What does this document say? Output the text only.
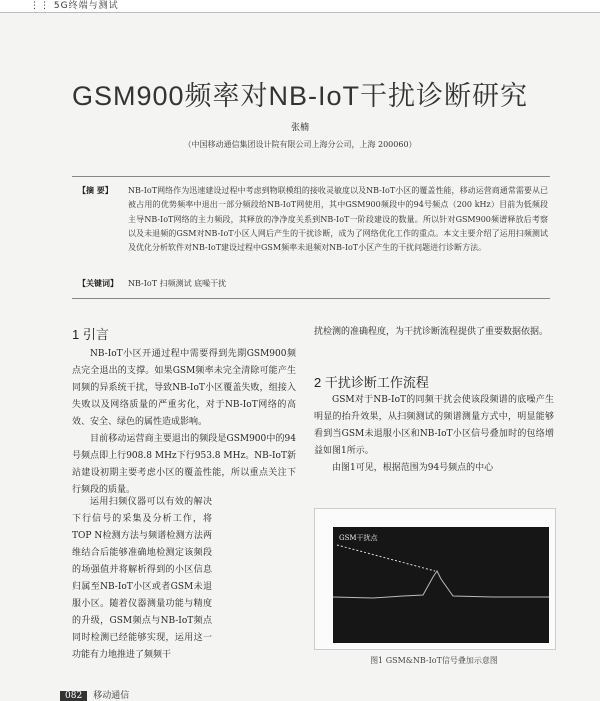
⋮⋮ 5G终端与测试
GSM900频率对NB-IoT干扰诊断研究
张楠
（中国移动通信集团设计院有限公司上海分公司，上海 200060）
【摘 要】 NB-IoT网络作为迅速建设过程中考虑到物联模组的接收灵敏度以及NB-IoT小区的覆盖性能，移动运营商通常需要从已被占用的优势频率中退出一部分频段给NB-IoT网使用，其中GSM900频段中的94号频点（200 kHz）目前为低频段主导NB-IoT网络的主力频段，其释放的净净度关系到NB-IoT一阶段建设的数量。所以针对GSM900频谱释放后考察以及未退频的GSM对NB-IoT小区人网后产生的干扰诊断，成为了网络优化工作的重点。本文主要介绍了运用扫频测试及优化分析软件对NB-IoT建设过程中GSM频率未退频对NB-IoT小区产生的干扰问题进行诊断方法。
【关键词】 NB-IoT 扫频测试 底噪干扰
1 引言

NB-IoT小区开通过程中需要得到先期GSM900频点完全退出的支撑。如果GSM频率未完全清除可能产生同频的异系统干扰，导致NB-IoT小区覆盖失败，组接入失败以及网络质量的严重劣化，对于NB-IoT网络的高效、安全、绿色的属性造成影响。

目前移动运营商主要退出的频段是GSM900中的94号频点即上行908.8 MHz下行953.8 MHz。NB-IoT新站建设初期主要考虑小区的覆盖性能，所以重点关注下行频段的质量。

运用扫频仪器可以有效的解决下行信号的采集及分析工作，将TOP N检测方法与频谱检测方法两维结合后能够准确地检测定该频段的场强值并将解析得到的小区信息归属至NB-IoT小区或者GSM未退服小区。随着仪器测量功能与精度的升级，GSM频点与NB-IoT频点同时检测已经能够实现，运用这一功能有力地推进了频频干

扰检测的准确程度，为干扰诊断流程提供了重要数据依据。

2 干扰诊断工作流程

GSM对于NB-IoT的同频干扰会使该段频谱的底噪产生明显的抬升效果，从扫频测试的频谱测量方式中，明显能够看到当GSM未退服小区和NB-IoT小区信号叠加时的包络增益如图1所示。

由图1可见，根据范围为94号频点的中心

GSM干扰点
图1 GSM&NB-IoT信号叠加示意图
082 移动通信
